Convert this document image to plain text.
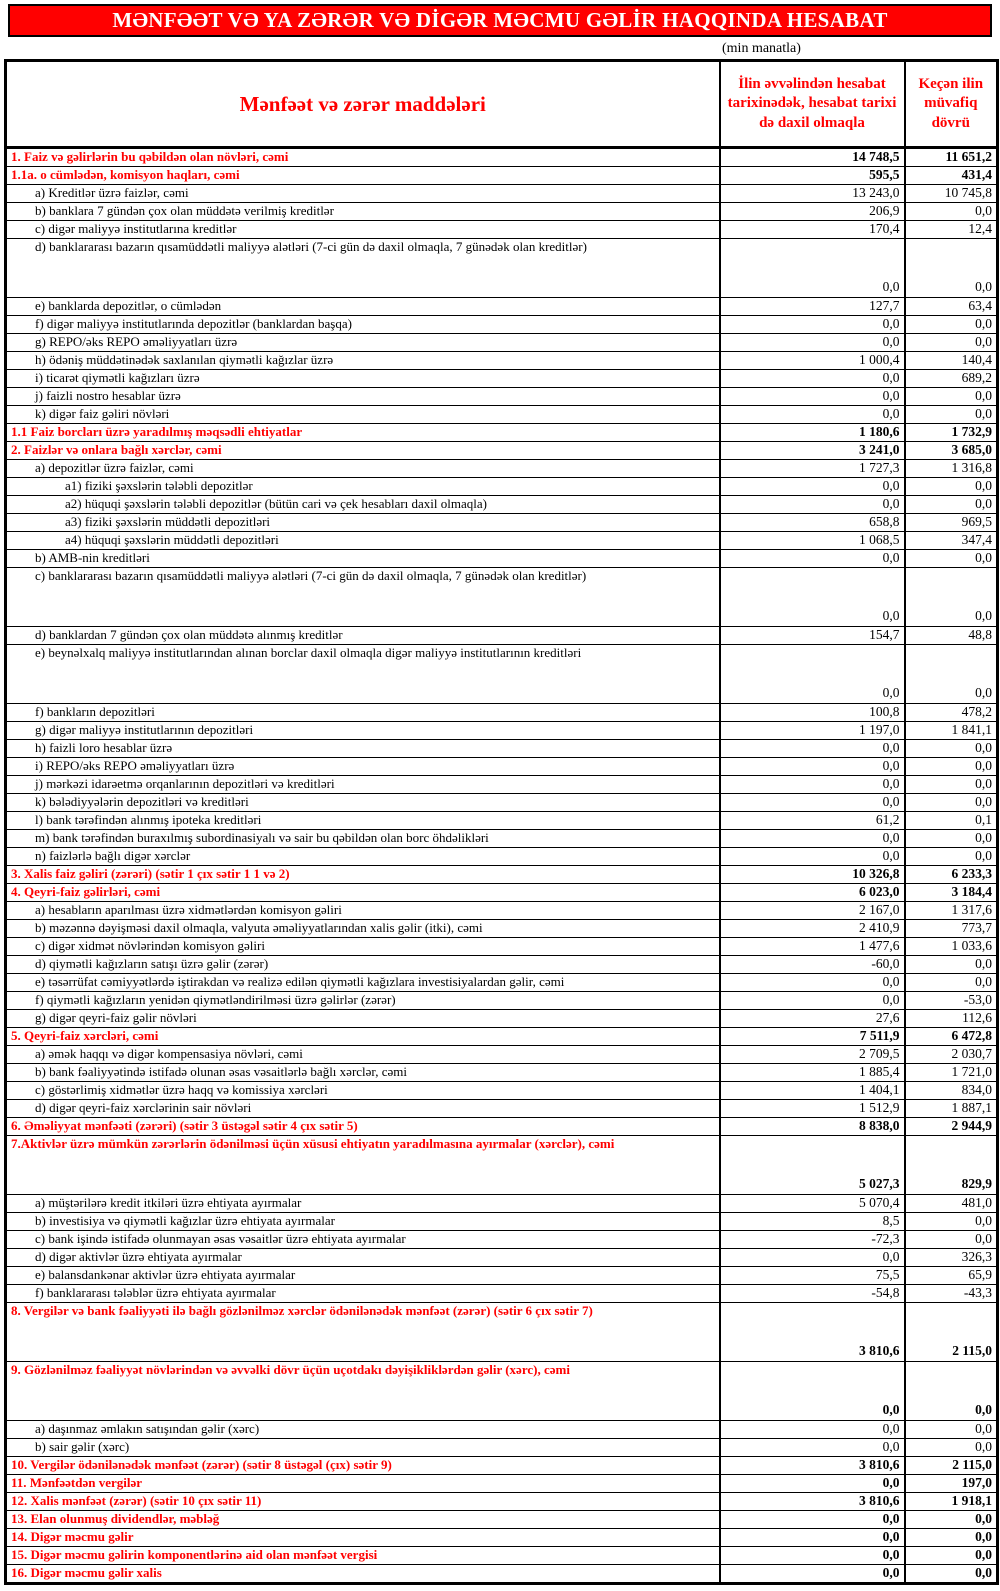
MƏNFƏƏT VƏ YA ZƏRƏR VƏ DİGƏR MƏCMU GƏLİR HAQQINDA HESABAT
(min manatla)
Mənfəət və zərər maddələri	İlin əvvəlindən hesabat tarixinədək, hesabat tarixi də daxil olmaqla	Keçən ilin müvafiq dövrü
1. Faiz və gəlirlərin bu qəbildən olan növləri, cəmi	14 748,5	11 651,2
1.1a. o cümlədən, komisyon haqları, cəmi	595,5	431,4
a) Kreditlər üzrə faizlər, cəmi	13 243,0	10 745,8
b) banklara 7 gündən çox olan müddətə verilmiş kreditlər	206,9	0,0
c) digər maliyyə institutlarına kreditlər	170,4	12,4
d) banklararası bazarın qısamüddətli maliyyə alətləri (7-ci gün də daxil olmaqla, 7 günədək olan kreditlər)	0,0	0,0
e) banklarda depozitlər, o cümlədən	127,7	63,4
f) digər maliyyə institutlarında depozitlər (banklardan başqa)	0,0	0,0
g) REPO/əks REPO əməliyyatları üzrə	0,0	0,0
h) ödəniş müddətinədək saxlanılan qiymətli kağızlar üzrə	1 000,4	140,4
i) ticarət qiymətli kağızları üzrə	0,0	689,2
j) faizli nostro hesablar üzrə	0,0	0,0
k) digər faiz gəliri növləri	0,0	0,0
1.1 Faiz borcları üzrə yaradılmış məqsədli ehtiyatlar	1 180,6	1 732,9
2. Faizlər və onlara bağlı xərclər, cəmi	3 241,0	3 685,0
a) depozitlər üzrə faizlər, cəmi	1 727,3	1 316,8
a1) fiziki şəxslərin tələbli depozitlər	0,0	0,0
a2) hüquqi şəxslərin tələbli depozitlər (bütün cari və çek hesabları daxil olmaqla)	0,0	0,0
a3) fiziki şəxslərin müddətli depozitləri	658,8	969,5
a4) hüquqi şəxslərin müddətli depozitləri	1 068,5	347,4
b) AMB-nin kreditləri	0,0	0,0
c) banklararası bazarın qısamüddətli maliyyə alətləri (7-ci gün də daxil olmaqla, 7 günədək olan kreditlər)	0,0	0,0
d) banklardan 7 gündən çox olan müddətə alınmış kreditlər	154,7	48,8
e) beynəlxalq maliyyə institutlarından alınan borclar daxil olmaqla digər maliyyə institutlarının kreditləri	0,0	0,0
f) bankların depozitləri	100,8	478,2
g) digər maliyyə institutlarının depozitləri	1 197,0	1 841,1
h) faizli loro hesablar üzrə	0,0	0,0
i) REPO/əks REPO əməliyyatları üzrə	0,0	0,0
j) mərkəzi idarəetmə orqanlarının depozitləri və kreditləri	0,0	0,0
k) bələdiyyələrin depozitləri və kreditləri	0,0	0,0
l) bank tərəfindən alınmış ipoteka kreditləri	61,2	0,1
m) bank tərəfindən buraxılmış subordinasiyalı və sair bu qəbildən olan borc öhdəlikləri	0,0	0,0
n) faizlərlə bağlı digər xərclər	0,0	0,0
3. Xalis faiz gəliri (zərəri) (sətir 1 çıx sətir 1 1 və 2)	10 326,8	6 233,3
4. Qeyri-faiz gəlirləri, cəmi	6 023,0	3 184,4
a) hesabların aparılması üzrə xidmətlərdən komisyon gəliri	2 167,0	1 317,6
b) məzənnə dəyişməsi daxil olmaqla, valyuta əməliyyatlarından xalis gəlir (itki), cəmi	2 410,9	773,7
c) digər xidmət növlərindən komisyon gəliri	1 477,6	1 033,6
d) qiymətli kağızların satışı üzrə gəlir (zərər)	-60,0	0,0
e) təsərrüfat cəmiyyətlərdə iştirakdan və realizə edilən qiymətli kağızlara investisiyalardan gəlir, cəmi	0,0	0,0
f) qiymətli kağızların yenidən qiymətləndirilməsi üzrə gəlirlər (zərər)	0,0	-53,0
g) digər qeyri-faiz gəlir növləri	27,6	112,6
5. Qeyri-faiz xərcləri, cəmi	7 511,9	6 472,8
a) əmək haqqı və digər kompensasiya növləri, cəmi	2 709,5	2 030,7
b) bank fəaliyyətində istifadə olunan əsas vəsaitlərlə bağlı xərclər, cəmi	1 885,4	1 721,0
c) göstərlimiş xidmətlər üzrə haqq və komissiya xərcləri	1 404,1	834,0
d) digər qeyri-faiz xərclərinin sair növləri	1 512,9	1 887,1
6. Əməliyyat mənfəəti (zərəri) (sətir 3 üstəgəl sətir 4 çıx sətir 5)	8 838,0	2 944,9
7.Aktivlər üzrə mümkün zərərlərin ödənilməsi üçün xüsusi ehtiyatın yaradılmasına ayırmalar (xərclər), cəmi	5 027,3	829,9
a) müştərilərə kredit itkiləri üzrə ehtiyata ayırmalar	5 070,4	481,0
b) investisiya və qiymətli kağızlar üzrə ehtiyata ayırmalar	8,5	0,0
c) bank işində istifadə olunmayan əsas vəsaitlər üzrə ehtiyata ayırmalar	-72,3	0,0
d) digər aktivlər üzrə ehtiyata ayırmalar	0,0	326,3
e) balansdankənar aktivlər üzrə ehtiyata ayırmalar	75,5	65,9
f) banklararası tələblər üzrə ehtiyata ayırmalar	-54,8	-43,3
8. Vergilər və bank fəaliyyəti ilə bağlı gözlənilməz xərclər ödənilənədək mənfəət (zərər) (sətir 6 çıx sətir 7)	3 810,6	2 115,0
9. Gözlənilməz fəaliyyət növlərindən və əvvəlki dövr üçün uçotdakı dəyişikliklərdən gəlir (xərc), cəmi	0,0	0,0
a) daşınmaz əmlakın satışından gəlir (xərc)	0,0	0,0
b) sair gəlir (xərc)	0,0	0,0
10. Vergilər ödənilənədək mənfəət (zərər) (sətir 8 üstəgəl (çıx) sətir 9)	3 810,6	2 115,0
11. Mənfəətdən vergilər	0,0	197,0
12. Xalis mənfəət (zərər) (sətir 10 çıx sətir 11)	3 810,6	1 918,1
13. Elan olunmuş dividendlər, məbləğ	0,0	0,0
14. Digər məcmu gəlir	0,0	0,0
15. Digər məcmu gəlirin komponentlərinə aid olan mənfəət vergisi	0,0	0,0
16. Digər məcmu gəlir xalis	0,0	0,0
